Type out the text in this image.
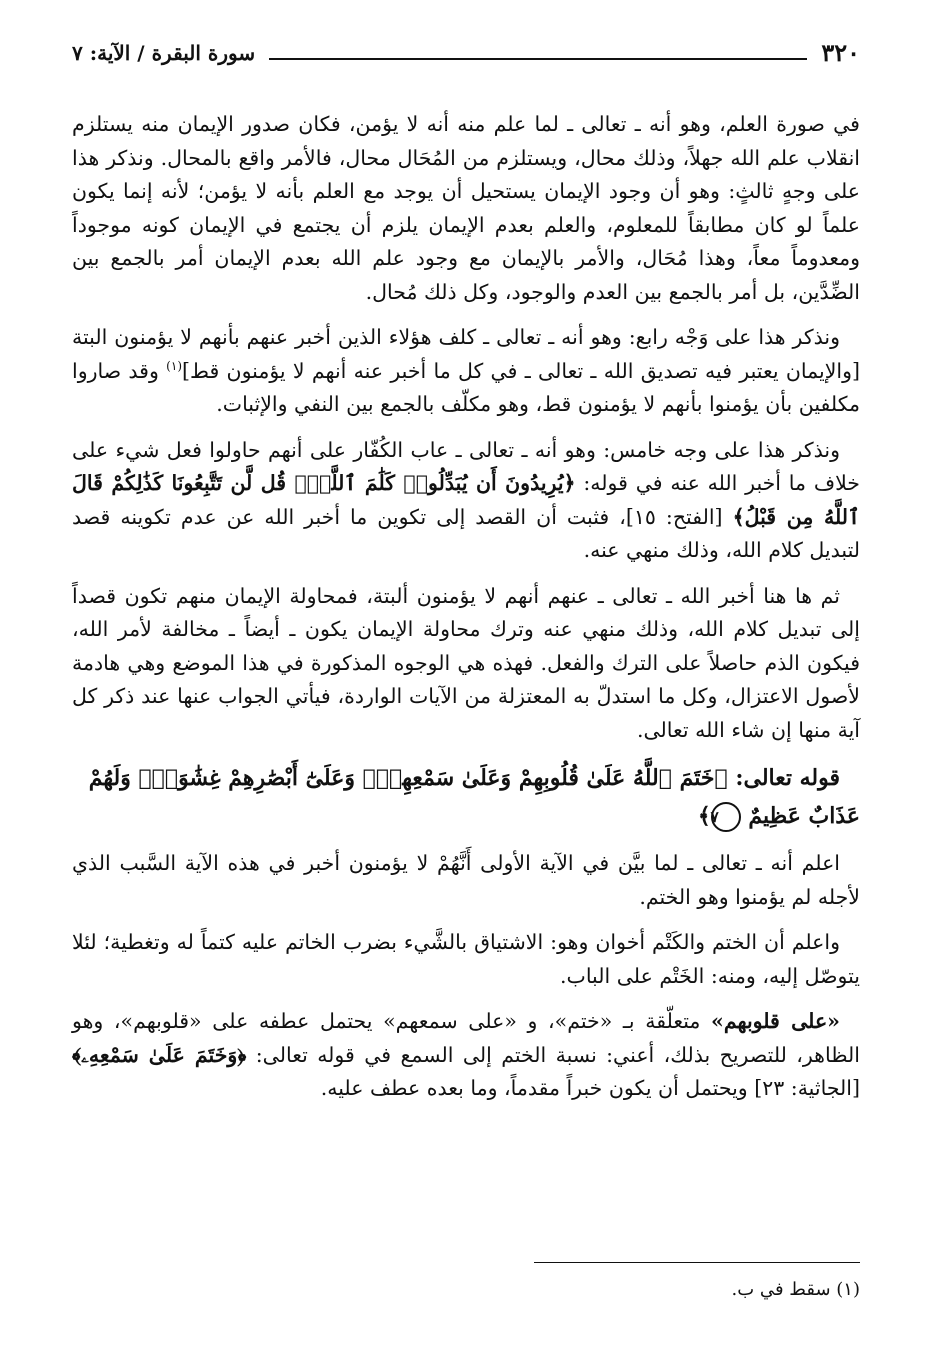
٣٢٠
سورة البقرة / الآية: ٧

في صورة العلم، وهو أنه ـ تعالى ـ لما علم منه أنه لا يؤمن، فكان صدور الإيمان منه يستلزم انقلاب علم الله جهلاً، وذلك محال، ويستلزم من المُحَال محال، فالأمر واقع بالمحال. ونذكر هذا على وجهٍ ثالثٍ: وهو أن وجود الإيمان يستحيل أن يوجد مع العلم بأنه لا يؤمن؛ لأنه إنما يكون علماً لو كان مطابقاً للمعلوم، والعلم بعدم الإيمان يلزم أن يجتمع في الإيمان كونه موجوداً ومعدوماً معاً، وهذا مُحَال، والأمر بالإيمان مع وجود علم الله بعدم الإيمان أمر بالجمع بين الضِّدَّين، بل أمر بالجمع بين العدم والوجود، وكل ذلك مُحال.

ونذكر هذا على وَجْه رابع: وهو أنه ـ تعالى ـ كلف هؤلاء الذين أخبر عنهم بأنهم لا يؤمنون البتة [والإيمان يعتبر فيه تصديق الله ـ تعالى ـ في كل ما أخبر عنه أنهم لا يؤمنون قط]$^{(١)}$ وقد صاروا مكلفين بأن يؤمنوا بأنهم لا يؤمنون قط، وهو مكلّف بالجمع بين النفي والإثبات.

ونذكر هذا على وجه خامس: وهو أنه ـ تعالى ـ عاب الكُفّار على أنهم حاولوا فعل شيء على خلاف ما أخبر الله عنه في قوله: ﴿يُرِيدُونَ أَن يُبَدِّلُوا۟ كَلَٰمَ ٱللَّهِۚ قُل لَّن تَتَّبِعُونَا كَذَٰلِكُمْ قَالَ ٱللَّهُ مِن قَبْلُ﴾ [الفتح: ١٥]، فثبت أن القصد إلى تكوين ما أخبر الله عن عدم تكوينه قصد لتبديل كلام الله، وذلك منهي عنه.

ثم ها هنا أخبر الله ـ تعالى ـ عنهم أنهم لا يؤمنون ألبتة، فمحاولة الإيمان منهم تكون قصداً إلى تبديل كلام الله، وذلك منهي عنه وترك محاولة الإيمان يكون ـ أيضاً ـ مخالفة لأمر الله، فيكون الذم حاصلاً على الترك والفعل. فهذه هي الوجوه المذكورة في هذا الموضع وهي هادمة لأصول الاعتزال، وكل ما استدلّ به المعتزلة من الآيات الواردة، فيأتي الجواب عنها عند ذكر كل آية منها إن شاء الله تعالى.

قوله تعالى: ﴿خَتَمَ ٱللَّهُ عَلَىٰ قُلُوبِهِمْ وَعَلَىٰ سَمْعِهِمْۖ وَعَلَىٰٓ أَبْصَٰرِهِمْ غِشَٰوَةٌۖ وَلَهُمْ عَذَابٌ عَظِيمٌ ٧﴾

اعلم أنه ـ تعالى ـ لما بيَّن في الآية الأولى أَنَّهُمْ لا يؤمنون أخبر في هذه الآية السَّبب الذي لأجله لم يؤمنوا وهو الختم.

واعلم أن الختم والكَتْم أخوان وهو: الاشتياق بالشَّيء بضرب الخاتم عليه كتماً له وتغطية؛ لئلا يتوصّل إليه، ومنه: الخَتْم على الباب.

«على قلوبهم» متعلّقة بـ «ختم»، و «على سمعهم» يحتمل عطفه على «قلوبهم»، وهو الظاهر، للتصريح بذلك، أعني: نسبة الختم إلى السمع في قوله تعالى: ﴿وَخَتَمَ عَلَىٰ سَمْعِهِۦ﴾ [الجاثية: ٢٣] ويحتمل أن يكون خبراً مقدماً، وما بعده عطف عليه.

(١) سقط في ب.
